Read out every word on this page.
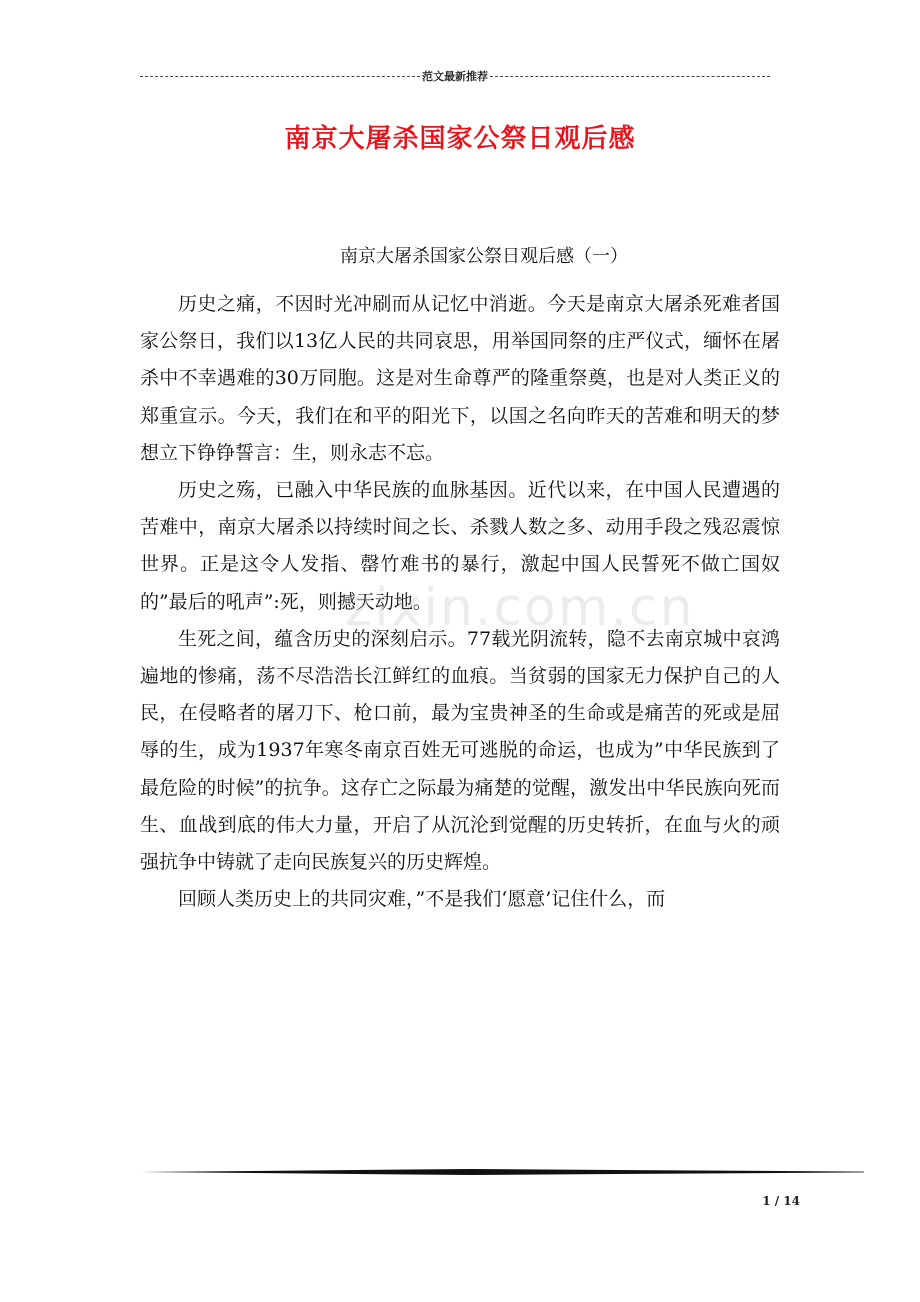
范文最新推荐
南京大屠杀国家公祭日观后感
南京大屠杀国家公祭日观后感（一）

历史之痛，不因时光冲刷而从记忆中消逝。今天是南京大屠杀死难者国家公祭日，我们以13亿人民的共同哀思，用举国同祭的庄严仪式，缅怀在屠杀中不幸遇难的30万同胞。这是对生命尊严的隆重祭奠，也是对人类正义的郑重宣示。今天，我们在和平的阳光下，以国之名向昨天的苦难和明天的梦想立下铮铮誓言：生，则永志不忘。

历史之殇，已融入中华民族的血脉基因。近代以来，在中国人民遭遇的苦难中，南京大屠杀以持续时间之长、杀戮人数之多、动用手段之残忍震惊世界。正是这令人发指、罄竹难书的暴行，激起中国人民誓死不做亡国奴的”最后的吼声”:死，则撼天动地。

生死之间，蕴含历史的深刻启示。77载光阴流转，隐不去南京城中哀鸿遍地的惨痛，荡不尽浩浩长江鲜红的血痕。当贫弱的国家无力保护自己的人民，在侵略者的屠刀下、枪口前，最为宝贵神圣的生命或是痛苦的死或是屈辱的生，成为1937年寒冬南京百姓无可逃脱的命运，也成为”中华民族到了最危险的时候”的抗争。这存亡之际最为痛楚的觉醒，激发出中华民族向死而生、血战到底的伟大力量，开启了从沉沦到觉醒的历史转折，在血与火的顽强抗争中铸就了走向民族复兴的历史辉煌。

回顾人类历史上的共同灾难，”不是我们‘愿意’记住什么，而

zixin.com.cn
1 / 14
